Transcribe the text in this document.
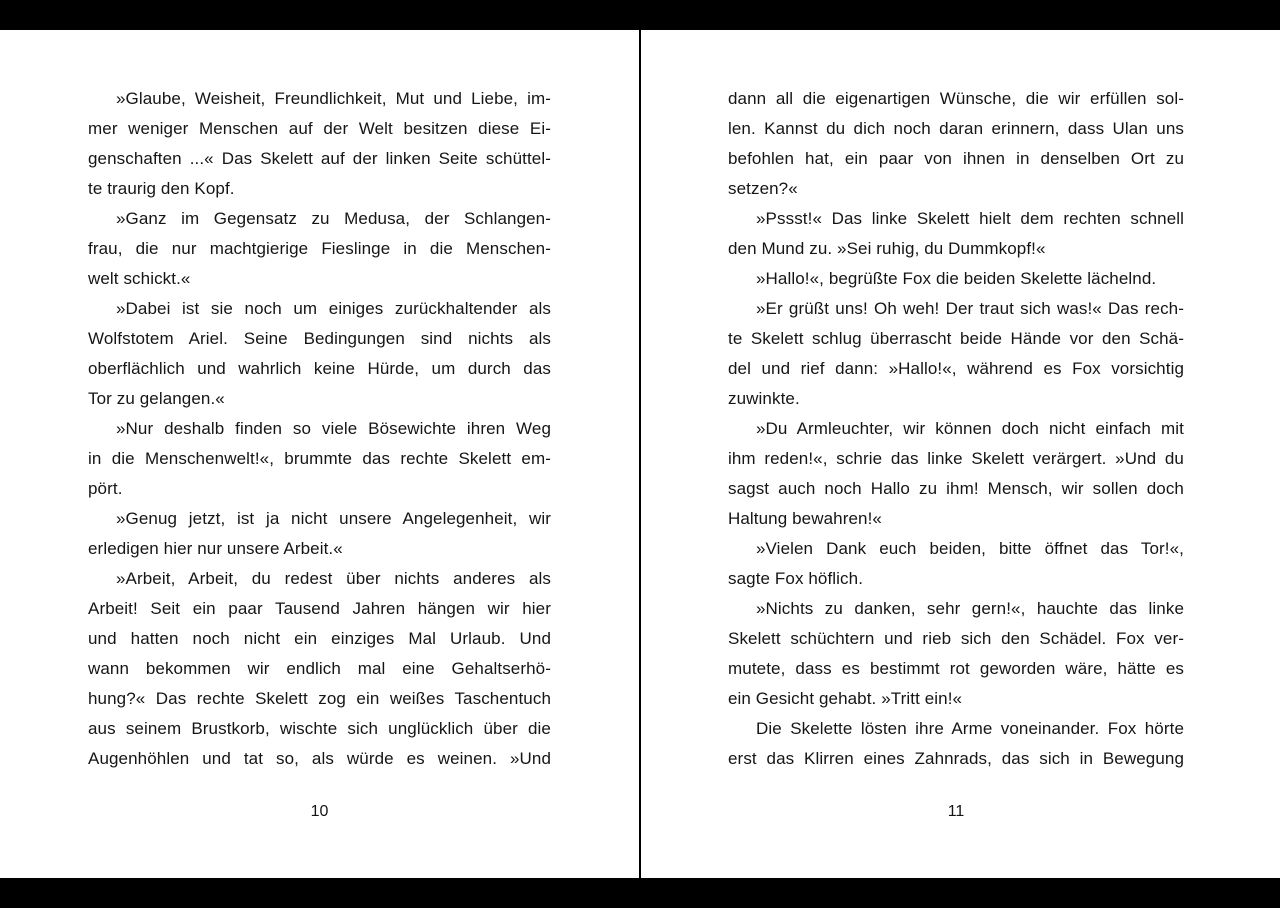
»Glaube, Weisheit, Freundlichkeit, Mut und Liebe, im-
mer weniger Menschen auf der Welt besitzen diese Ei-
genschaften ...« Das Skelett auf der linken Seite schüttel-
te traurig den Kopf.

»Ganz im Gegensatz zu Medusa, der Schlangen-
frau, die nur machtgierige Fieslinge in die Menschen-
welt schickt.«

»Dabei ist sie noch um einiges zurückhaltender als
Wolfstotem Ariel. Seine Bedingungen sind nichts als
oberflächlich und wahrlich keine Hürde, um durch das
Tor zu gelangen.«

»Nur deshalb finden so viele Bösewichte ihren Weg
in die Menschenwelt!«, brummte das rechte Skelett em-
pört.

»Genug jetzt, ist ja nicht unsere Angelegenheit, wir
erledigen hier nur unsere Arbeit.«

»Arbeit, Arbeit, du redest über nichts anderes als
Arbeit! Seit ein paar Tausend Jahren hängen wir hier
und hatten noch nicht ein einziges Mal Urlaub. Und
wann bekommen wir endlich mal eine Gehaltserhö-
hung?« Das rechte Skelett zog ein weißes Taschentuch
aus seinem Brustkorb, wischte sich unglücklich über die
Augenhöhlen und tat so, als würde es weinen. »Und

10

dann all die eigenartigen Wünsche, die wir erfüllen sol-
len. Kannst du dich noch daran erinnern, dass Ulan uns
befohlen hat, ein paar von ihnen in denselben Ort zu
setzen?«

»Pssst!« Das linke Skelett hielt dem rechten schnell
den Mund zu. »Sei ruhig, du Dummkopf!«

»Hallo!«, begrüßte Fox die beiden Skelette lächelnd.

»Er grüßt uns! Oh weh! Der traut sich was!« Das rech-
te Skelett schlug überrascht beide Hände vor den Schä-
del und rief dann: »Hallo!«, während es Fox vorsichtig
zuwinkte.

»Du Armleuchter, wir können doch nicht einfach mit
ihm reden!«, schrie das linke Skelett verärgert. »Und du
sagst auch noch Hallo zu ihm! Mensch, wir sollen doch
Haltung bewahren!«

»Vielen Dank euch beiden, bitte öffnet das Tor!«,
sagte Fox höflich.

»Nichts zu danken, sehr gern!«, hauchte das linke
Skelett schüchtern und rieb sich den Schädel. Fox ver-
mutete, dass es bestimmt rot geworden wäre, hätte es
ein Gesicht gehabt. »Tritt ein!«

Die Skelette lösten ihre Arme voneinander. Fox hörte
erst das Klirren eines Zahnrads, das sich in Bewegung

11
